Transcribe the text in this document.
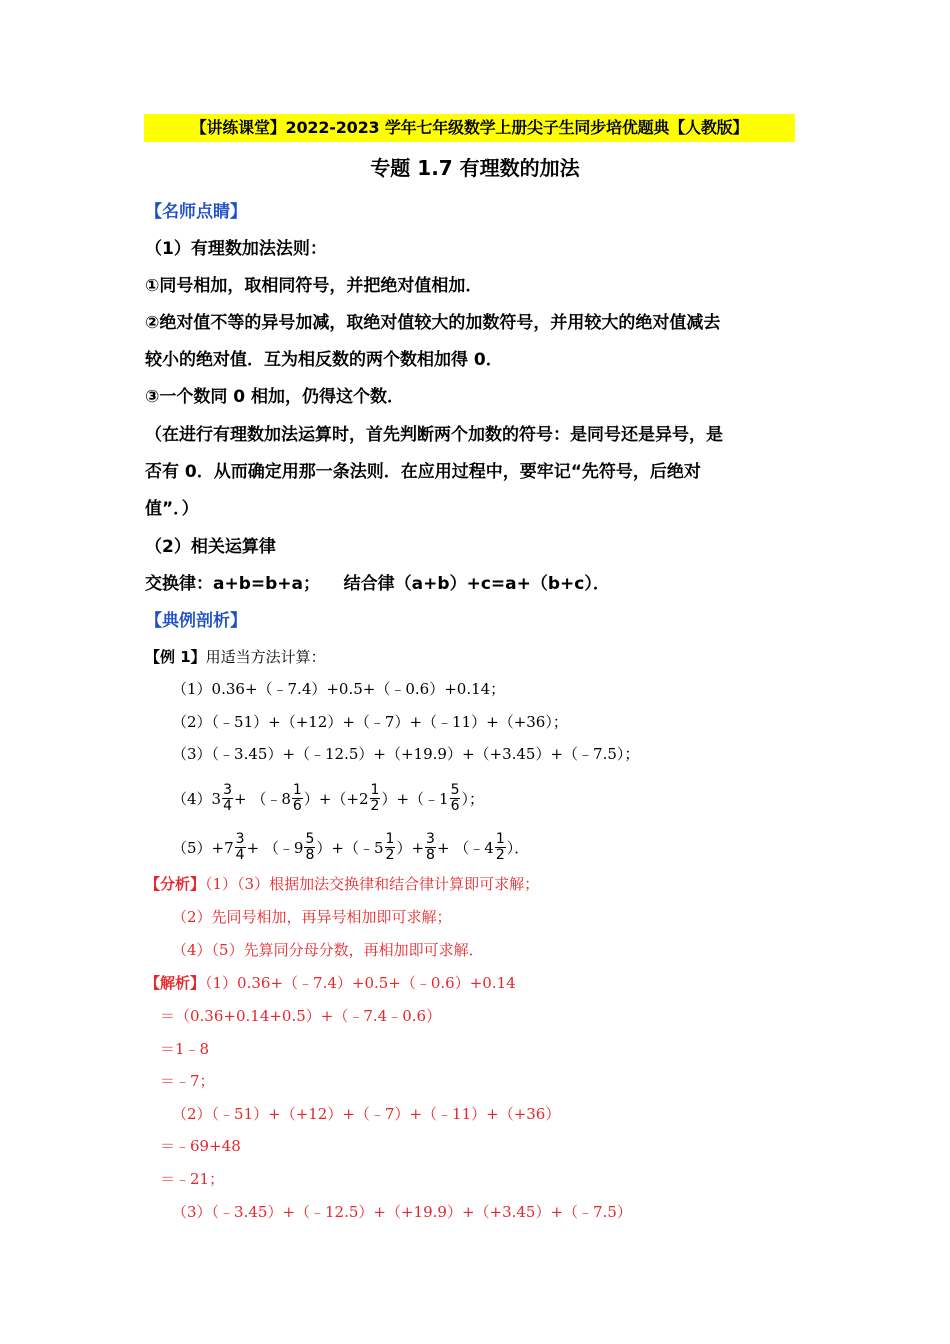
【讲练课堂】2022-2023 学年七年级数学上册尖子生同步培优题典【人教版】
专题 1.7 有理数的加法
【名师点睛】
（1）有理数加法法则：
①同号相加，取相同符号，并把绝对值相加．
②绝对值不等的异号加减，取绝对值较大的加数符号，并用较大的绝对值减去
较小的绝对值．互为相反数的两个数相加得 0．
③一个数同 0 相加，仍得这个数．
（在进行有理数加法运算时，首先判断两个加数的符号：是同号还是异号，是
否有 0．从而确定用那一条法则．在应用过程中，要牢记“先符号，后绝对
值”．）
（2）相关运算律
交换律：a+b=b+a；    结合律（a+b）+c=a+（b+c）．
【典例剖析】
【例 1】用适当方法计算：
（1）0.36+（﹣7.4）+0.5+（﹣0.6）+0.14；
（2）（﹣51）+（+12）+（﹣7）+（﹣11）+（+36）；
（3）（﹣3.45）+（﹣12.5）+（+19.9）+（+3.45）+（﹣7.5）；
$(4)3 \frac{3}{4}$ + （﹣8 $\frac{1}{6} )+(+2 \frac{1}{2}$ ）+（﹣1 $\frac{5}{6}$ ）；
$(5)+7 \frac{3}{4}$ + （﹣9 $\frac{5}{8}$ ）+（﹣5 $\frac{1}{2}$ ）+ $\frac{3}{8}$ + （﹣4 $\frac{1}{2}$ ）．
【分析】（1）（3）根据加法交换律和结合律计算即可求解；
（2）先同号相加，再异号相加即可求解；
（4）（5）先算同分母分数，再相加即可求解．
【解析】（1）0.36+（﹣7.4）+0.5+（﹣0.6）+0.14
＝（0.36+0.14+0.5）+（﹣7.4﹣0.6）
＝1﹣8
＝﹣7；
（2）（﹣51）+（+12）+（﹣7）+（﹣11）+（+36）
＝﹣69+48
＝﹣21；
（3）（﹣3.45）+（﹣12.5）+（+19.9）+（+3.45）+（﹣7.5）
